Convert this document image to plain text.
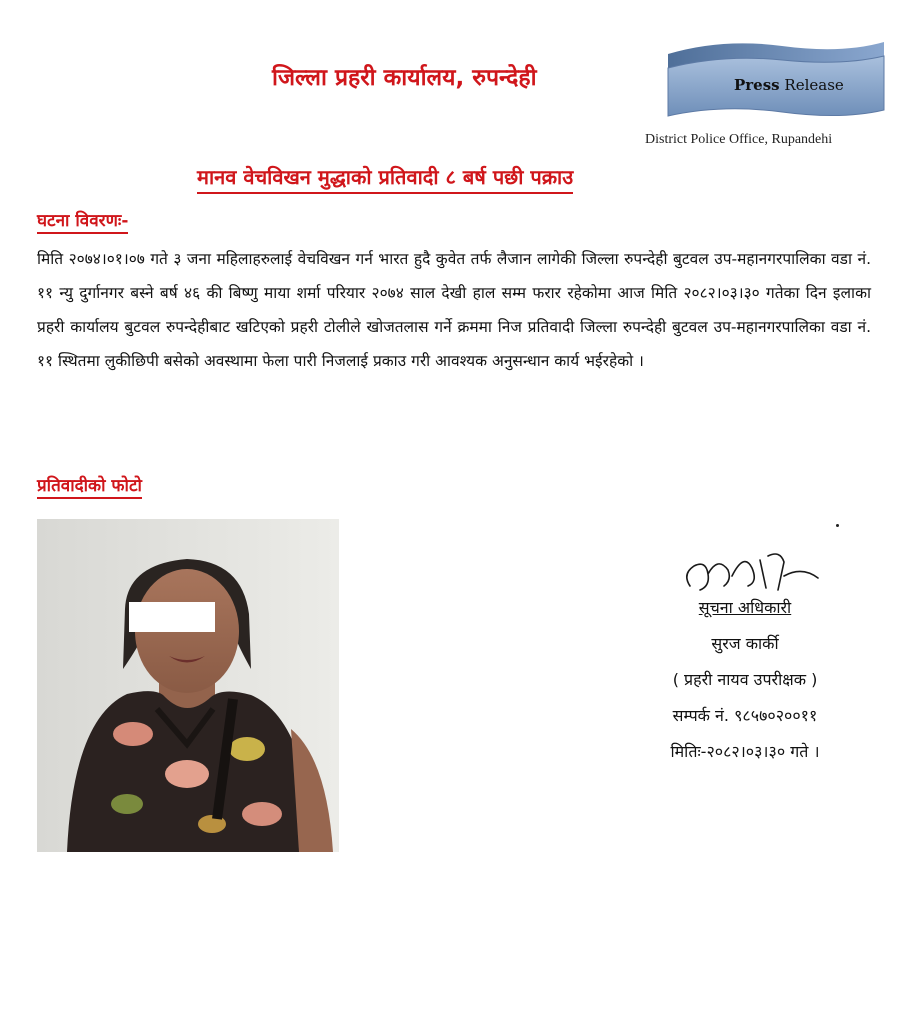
जिल्ला प्रहरी कार्यालय, रुपन्देही	Press Release
District Police Office, Rupandehi
मानव वेचविखन मुद्धाको प्रतिवादी ८ बर्ष पछी पक्राउ
घटना विवरणः-
मिति २०७४।०१।०७ गते ३ जना महिलाहरुलाई वेचविखन गर्न भारत हुदै कुवेत तर्फ लैजान लागेकी जिल्ला रुपन्देही बुटवल उप-महानगरपालिका वडा नं. ११ न्यु दुर्गानगर बस्ने बर्ष ४६ की बिष्णु माया शर्मा परियार २०७४ साल देखी हाल सम्म फरार रहेकोमा आज मिति २०८२।०३।३० गतेका दिन इलाका प्रहरी कार्यालय बुटवल रुपन्देहीबाट खटिएको प्रहरी टोलीले खोजतलास गर्ने क्रममा निज प्रतिवादी जिल्ला रुपन्देही बुटवल उप-महानगरपालिका वडा नं. ११ स्थितमा लुकीछिपी बसेको अवस्थामा फेला पारी निजलाई प्रकाउ गरी आवश्यक अनुसन्धान कार्य भईरहेको ।
प्रतिवादीको फोटो
सूचना अधिकारी
सुरज कार्की
( प्रहरी नायव उपरीक्षक )
सम्पर्क नं. ९८५७०२००११
मितिः-२०८२।०३।३० गते ।
